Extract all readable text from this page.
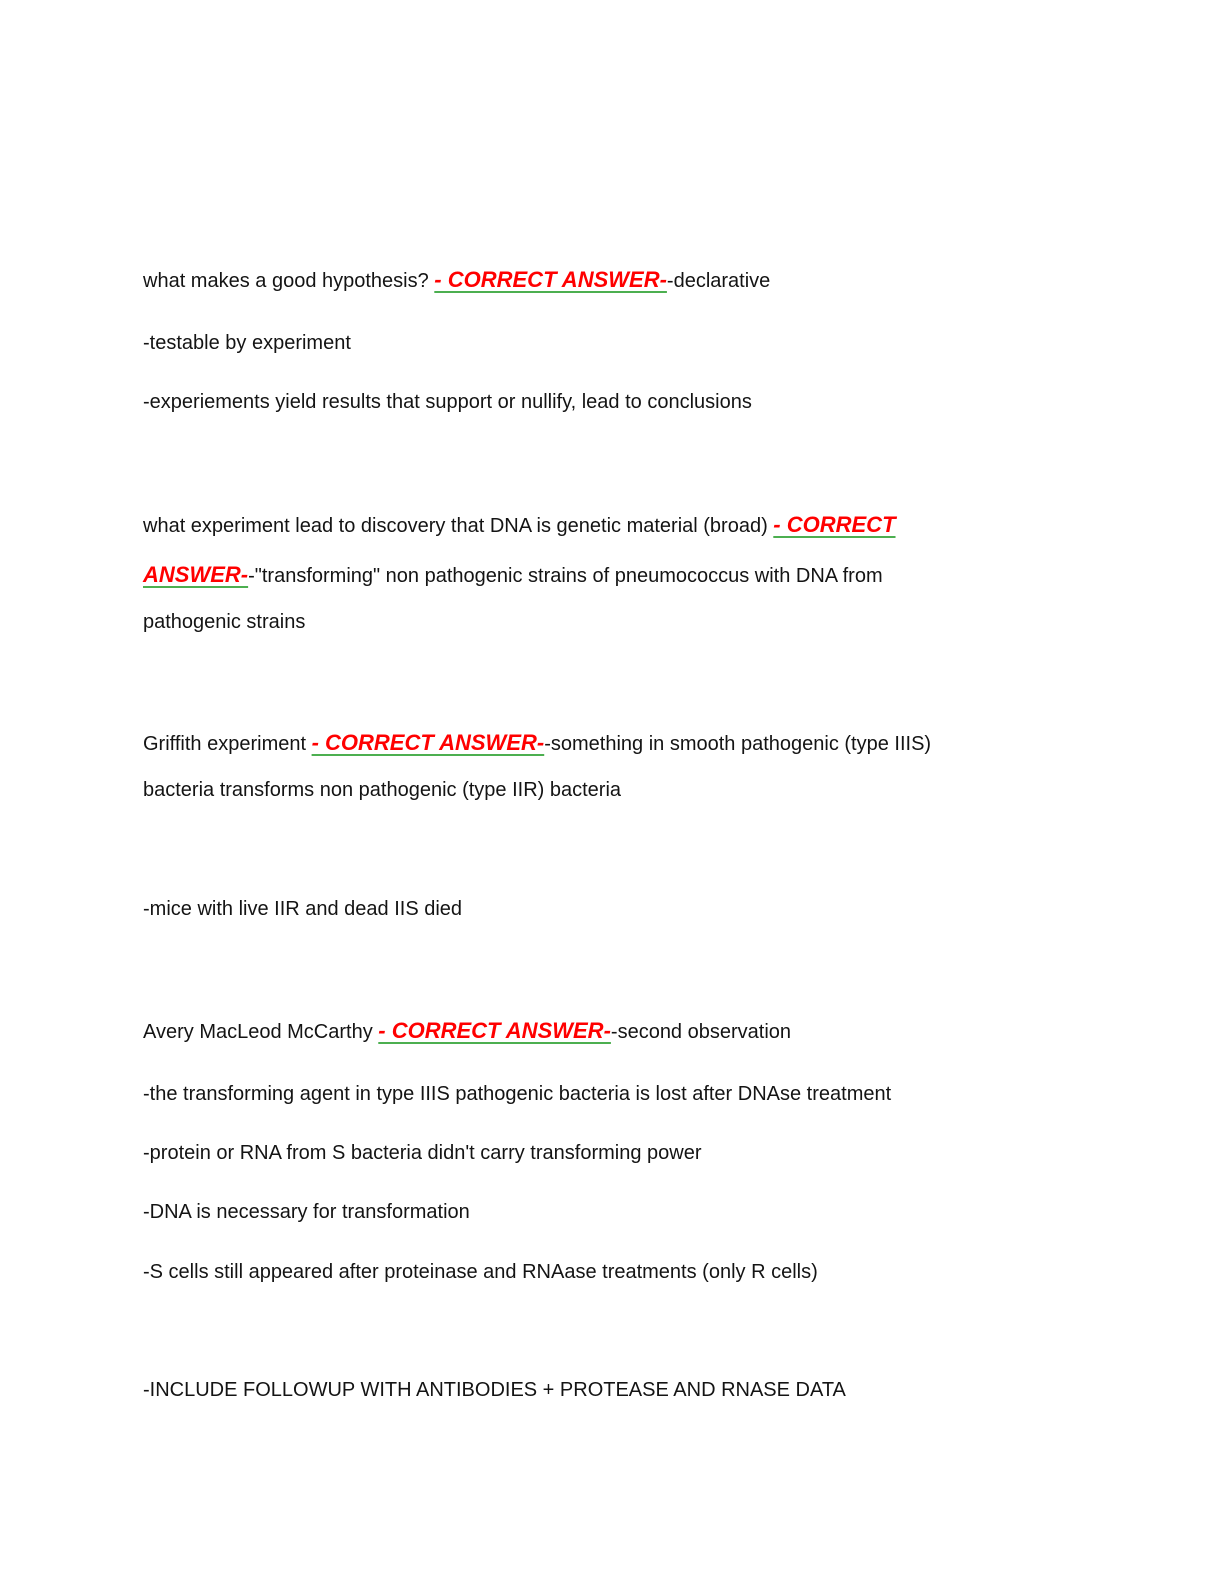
what makes a good hypothesis? - CORRECT ANSWER--declarative
-testable by experiment
-experiements yield results that support or nullify, lead to conclusions
what experiment lead to discovery that DNA is genetic material (broad) - CORRECT
ANSWER--"transforming" non pathogenic strains of pneumococcus with DNA from
pathogenic strains
Griffith experiment - CORRECT ANSWER--something in smooth pathogenic (type IIIS)
bacteria transforms non pathogenic (type IIR) bacteria
-mice with live IIR and dead IIS died
Avery MacLeod McCarthy - CORRECT ANSWER--second observation
-the transforming agent in type IIIS pathogenic bacteria is lost after DNAse treatment
-protein or RNA from S bacteria didn't carry transforming power
-DNA is necessary for transformation
-S cells still appeared after proteinase and RNAase treatments (only R cells)
-INCLUDE FOLLOWUP WITH ANTIBODIES + PROTEASE AND RNASE DATA
